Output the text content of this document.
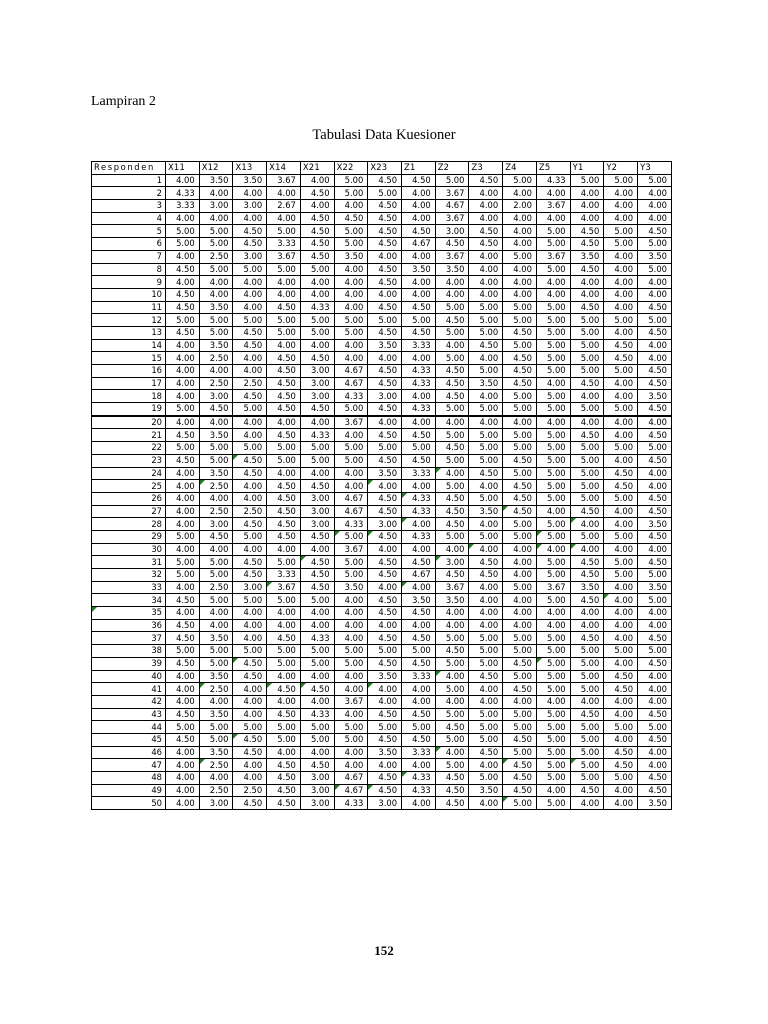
Lampiran 2
Tabulasi Data Kuesioner
Responden	X11	X12	X13	X14	X21	X22	X23	Z1	Z2	Z3	Z4	Z5	Y1	Y2	Y3
1	4.00	3.50	3.50	3.67	4.00	5.00	4.50	4.50	5.00	4.50	5.00	4.33	5.00	5.00	5.00
2	4.33	4.00	4.00	4.00	4.50	5.00	5.00	4.00	3.67	4.00	4.00	4.00	4.00	4.00	4.00
3	3.33	3.00	3.00	2.67	4.00	4.00	4.50	4.00	4.67	4.00	2.00	3.67	4.00	4.00	4.00
4	4.00	4.00	4.00	4.00	4.50	4.50	4.50	4.00	3.67	4.00	4.00	4.00	4.00	4.00	4.00
5	5.00	5.00	4.50	5.00	4.50	5.00	4.50	4.50	3.00	4.50	4.00	5.00	4.50	5.00	4.50
6	5.00	5.00	4.50	3.33	4.50	5.00	4.50	4.67	4.50	4.50	4.00	5.00	4.50	5.00	5.00
7	4.00	2.50	3.00	3.67	4.50	3.50	4.00	4.00	3.67	4.00	5.00	3.67	3.50	4.00	3.50
8	4.50	5.00	5.00	5.00	5.00	4.00	4.50	3.50	3.50	4.00	4.00	5.00	4.50	4.00	5.00
9	4.00	4.00	4.00	4.00	4.00	4.00	4.50	4.00	4.00	4.00	4.00	4.00	4.00	4.00	4.00
10	4.50	4.00	4.00	4.00	4.00	4.00	4.00	4.00	4.00	4.00	4.00	4.00	4.00	4.00	4.00
11	4.50	3.50	4.00	4.50	4.33	4.00	4.50	4.50	5.00	5.00	5.00	5.00	4.50	4.00	4.50
12	5.00	5.00	5.00	5.00	5.00	5.00	5.00	5.00	4.50	5.00	5.00	5.00	5.00	5.00	5.00
13	4.50	5.00	4.50	5.00	5.00	5.00	4.50	4.50	5.00	5.00	4.50	5.00	5.00	4.00	4.50
14	4.00	3.50	4.50	4.00	4.00	4.00	3.50	3.33	4.00	4.50	5.00	5.00	5.00	4.50	4.00
15	4.00	2.50	4.00	4.50	4.50	4.00	4.00	4.00	5.00	4.00	4.50	5.00	5.00	4.50	4.00
16	4.00	4.00	4.00	4.50	3.00	4.67	4.50	4.33	4.50	5.00	4.50	5.00	5.00	5.00	4.50
17	4.00	2.50	2.50	4.50	3.00	4.67	4.50	4.33	4.50	3.50	4.50	4.00	4.50	4.00	4.50
18	4.00	3.00	4.50	4.50	3.00	4.33	3.00	4.00	4.50	4.00	5.00	5.00	4.00	4.00	3.50
19	5.00	4.50	5.00	4.50	4.50	5.00	4.50	4.33	5.00	5.00	5.00	5.00	5.00	5.00	4.50
20	4.00	4.00	4.00	4.00	4.00	3.67	4.00	4.00	4.00	4.00	4.00	4.00	4.00	4.00	4.00
21	4.50	3.50	4.00	4.50	4.33	4.00	4.50	4.50	5.00	5.00	5.00	5.00	4.50	4.00	4.50
22	5.00	5.00	5.00	5.00	5.00	5.00	5.00	5.00	4.50	5.00	5.00	5.00	5.00	5.00	5.00
23	4.50	5.00	4.50	5.00	5.00	5.00	4.50	4.50	5.00	5.00	4.50	5.00	5.00	4.00	4.50
24	4.00	3.50	4.50	4.00	4.00	4.00	3.50	3.33	4.00	4.50	5.00	5.00	5.00	4.50	4.00
25	4.00	2.50	4.00	4.50	4.50	4.00	4.00	4.00	5.00	4.00	4.50	5.00	5.00	4.50	4.00
26	4.00	4.00	4.00	4.50	3.00	4.67	4.50	4.33	4.50	5.00	4.50	5.00	5.00	5.00	4.50
27	4.00	2.50	2.50	4.50	3.00	4.67	4.50	4.33	4.50	3.50	4.50	4.00	4.50	4.00	4.50
28	4.00	3.00	4.50	4.50	3.00	4.33	3.00	4.00	4.50	4.00	5.00	5.00	4.00	4.00	3.50
29	5.00	4.50	5.00	4.50	4.50	5.00	4.50	4.33	5.00	5.00	5.00	5.00	5.00	5.00	4.50
30	4.00	4.00	4.00	4.00	4.00	3.67	4.00	4.00	4.00	4.00	4.00	4.00	4.00	4.00	4.00
31	5.00	5.00	4.50	5.00	4.50	5.00	4.50	4.50	3.00	4.50	4.00	5.00	4.50	5.00	4.50
32	5.00	5.00	4.50	3.33	4.50	5.00	4.50	4.67	4.50	4.50	4.00	5.00	4.50	5.00	5.00
33	4.00	2.50	3.00	3.67	4.50	3.50	4.00	4.00	3.67	4.00	5.00	3.67	3.50	4.00	3.50
34	4.50	5.00	5.00	5.00	5.00	4.00	4.50	3.50	3.50	4.00	4.00	5.00	4.50	4.00	5.00
35	4.00	4.00	4.00	4.00	4.00	4.00	4.50	4.50	4.00	4.00	4.00	4.00	4.00	4.00	4.00
36	4.50	4.00	4.00	4.00	4.00	4.00	4.00	4.00	4.00	4.00	4.00	4.00	4.00	4.00	4.00
37	4.50	3.50	4.00	4.50	4.33	4.00	4.50	4.50	5.00	5.00	5.00	5.00	4.50	4.00	4.50
38	5.00	5.00	5.00	5.00	5.00	5.00	5.00	5.00	4.50	5.00	5.00	5.00	5.00	5.00	5.00
39	4.50	5.00	4.50	5.00	5.00	5.00	4.50	4.50	5.00	5.00	4.50	5.00	5.00	4.00	4.50
40	4.00	3.50	4.50	4.00	4.00	4.00	3.50	3.33	4.00	4.50	5.00	5.00	5.00	4.50	4.00
41	4.00	2.50	4.00	4.50	4.50	4.00	4.00	4.00	5.00	4.00	4.50	5.00	5.00	4.50	4.00
42	4.00	4.00	4.00	4.00	4.00	3.67	4.00	4.00	4.00	4.00	4.00	4.00	4.00	4.00	4.00
43	4.50	3.50	4.00	4.50	4.33	4.00	4.50	4.50	5.00	5.00	5.00	5.00	4.50	4.00	4.50
44	5.00	5.00	5.00	5.00	5.00	5.00	5.00	5.00	4.50	5.00	5.00	5.00	5.00	5.00	5.00
45	4.50	5.00	4.50	5.00	5.00	5.00	4.50	4.50	5.00	5.00	4.50	5.00	5.00	4.00	4.50
46	4.00	3.50	4.50	4.00	4.00	4.00	3.50	3.33	4.00	4.50	5.00	5.00	5.00	4.50	4.00
47	4.00	2.50	4.00	4.50	4.50	4.00	4.00	4.00	5.00	4.00	4.50	5.00	5.00	4.50	4.00
48	4.00	4.00	4.00	4.50	3.00	4.67	4.50	4.33	4.50	5.00	4.50	5.00	5.00	5.00	4.50
49	4.00	2.50	2.50	4.50	3.00	4.67	4.50	4.33	4.50	3.50	4.50	4.00	4.50	4.00	4.50
50	4.00	3.00	4.50	4.50	3.00	4.33	3.00	4.00	4.50	4.00	5.00	5.00	4.00	4.00	3.50
152
